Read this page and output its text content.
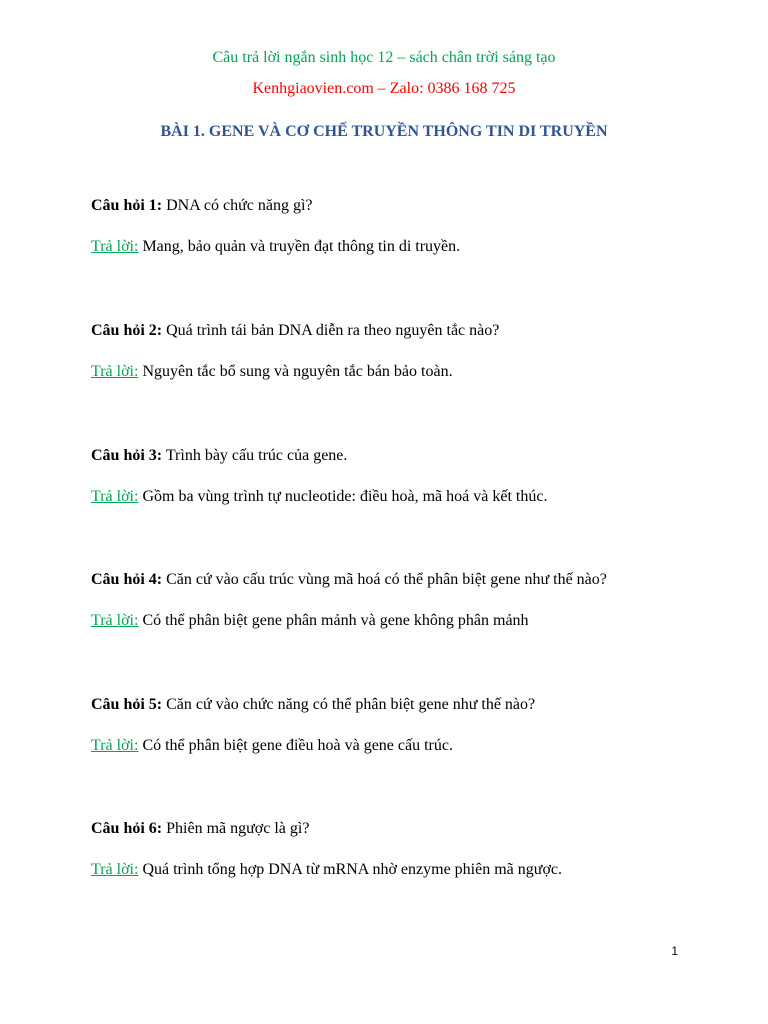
Câu trả lời ngắn sinh học 12 – sách chân trời sáng tạo
Kenhgiaovien.com – Zalo: 0386 168 725
BÀI 1. GENE VÀ CƠ CHẾ TRUYỀN THÔNG TIN DI TRUYỀN
Câu hỏi 1: DNA có chức năng gì?
Trả lời: Mang, bảo quản và truyền đạt thông tin di truyền.
Câu hỏi 2: Quá trình tái bản DNA diễn ra theo nguyên tắc nào?
Trả lời: Nguyên tắc bổ sung và nguyên tắc bán bảo toàn.
Câu hỏi 3: Trình bày cấu trúc của gene.
Trả lời: Gồm ba vùng trình tự nucleotide: điều hoà, mã hoá và kết thúc.
Câu hỏi 4: Căn cứ vào cấu trúc vùng mã hoá có thể phân biệt gene như thế nào?
Trả lời: Có thể phân biệt gene phân mảnh và gene không phân mảnh
Câu hỏi 5: Căn cứ vào chức năng có thể phân biệt gene như thế nào?
Trả lời: Có thể phân biệt gene điều hoà và gene cấu trúc.
Câu hỏi 6: Phiên mã ngược là gì?
Trả lời: Quá trình tổng hợp DNA từ mRNA nhờ enzyme phiên mã ngược.
1
